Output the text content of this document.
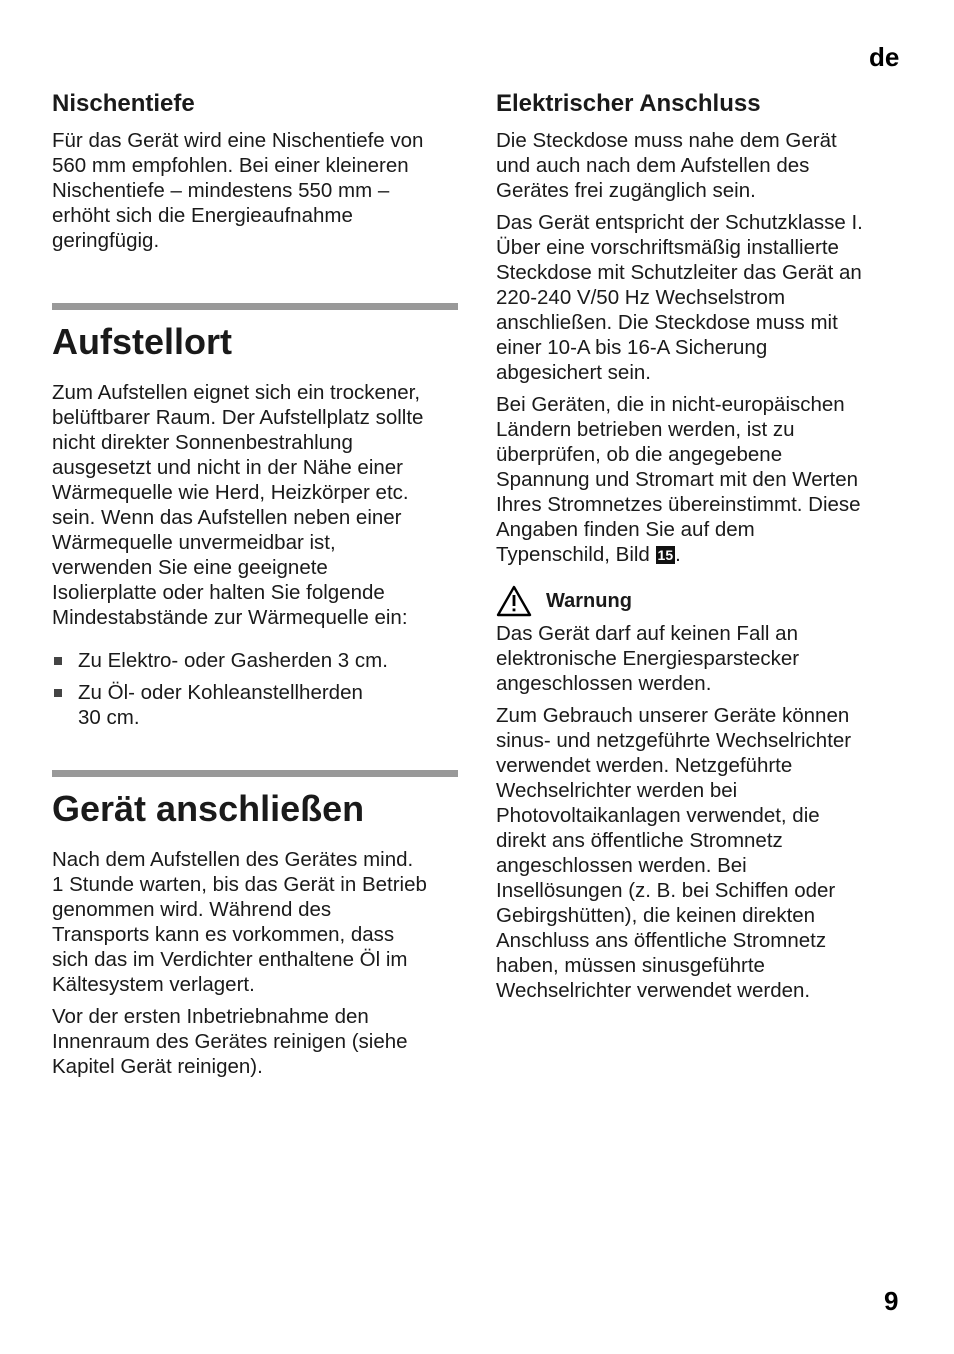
de
Nischentiefe

Für das Gerät wird eine Nischentiefe von
560 mm empfohlen. Bei einer kleineren
Nischentiefe – mindestens 550 mm –
erhöht sich die Energieaufnahme
geringfügig.

Aufstellort

Zum Aufstellen eignet sich ein trockener,
belüftbarer Raum. Der Aufstellplatz sollte
nicht direkter Sonnenbestrahlung
ausgesetzt und nicht in der Nähe einer
Wärmequelle wie Herd, Heizkörper etc.
sein. Wenn das Aufstellen neben einer
Wärmequelle unvermeidbar ist,
verwenden Sie eine geeignete
Isolierplatte oder halten Sie folgende
Mindestabstände zur Wärmequelle ein:

Zu Elektro- oder Gasherden 3 cm.
Zu Öl- oder Kohleanstellherden
30 cm.
Gerät anschließen

Nach dem Aufstellen des Gerätes mind.
1 Stunde warten, bis das Gerät in Betrieb
genommen wird. Während des
Transports kann es vorkommen, dass
sich das im Verdichter enthaltene Öl im
Kältesystem verlagert.

Vor der ersten Inbetriebnahme den
Innenraum des Gerätes reinigen (siehe
Kapitel Gerät reinigen).

Elektrischer Anschluss

Die Steckdose muss nahe dem Gerät
und auch nach dem Aufstellen des
Gerätes frei zugänglich sein.

Das Gerät entspricht der Schutzklasse I.
Über eine vorschriftsmäßig installierte
Steckdose mit Schutzleiter das Gerät an
220-240 V/50 Hz Wechselstrom
anschließen. Die Steckdose muss mit
einer 10-A bis 16-A Sicherung
abgesichert sein.

Bei Geräten, die in nicht-europäischen
Ländern betrieben werden, ist zu
überprüfen, ob die angegebene
Spannung und Stromart mit den Werten
Ihres Stromnetzes übereinstimmt. Diese
Angaben finden Sie auf dem

Typenschild, Bild 15.

Warnung

Das Gerät darf auf keinen Fall an
elektronische Energiesparstecker
angeschlossen werden.

Zum Gebrauch unserer Geräte können
sinus- und netzgeführte Wechselrichter
verwendet werden. Netzgeführte
Wechselrichter werden bei
Photovoltaikanlagen verwendet, die
direkt ans öffentliche Stromnetz
angeschlossen werden. Bei
Insellösungen (z. B. bei Schiffen oder
Gebirgshütten), die keinen direkten
Anschluss ans öffentliche Stromnetz
haben, müssen sinusgeführte
Wechselrichter verwendet werden.

9
